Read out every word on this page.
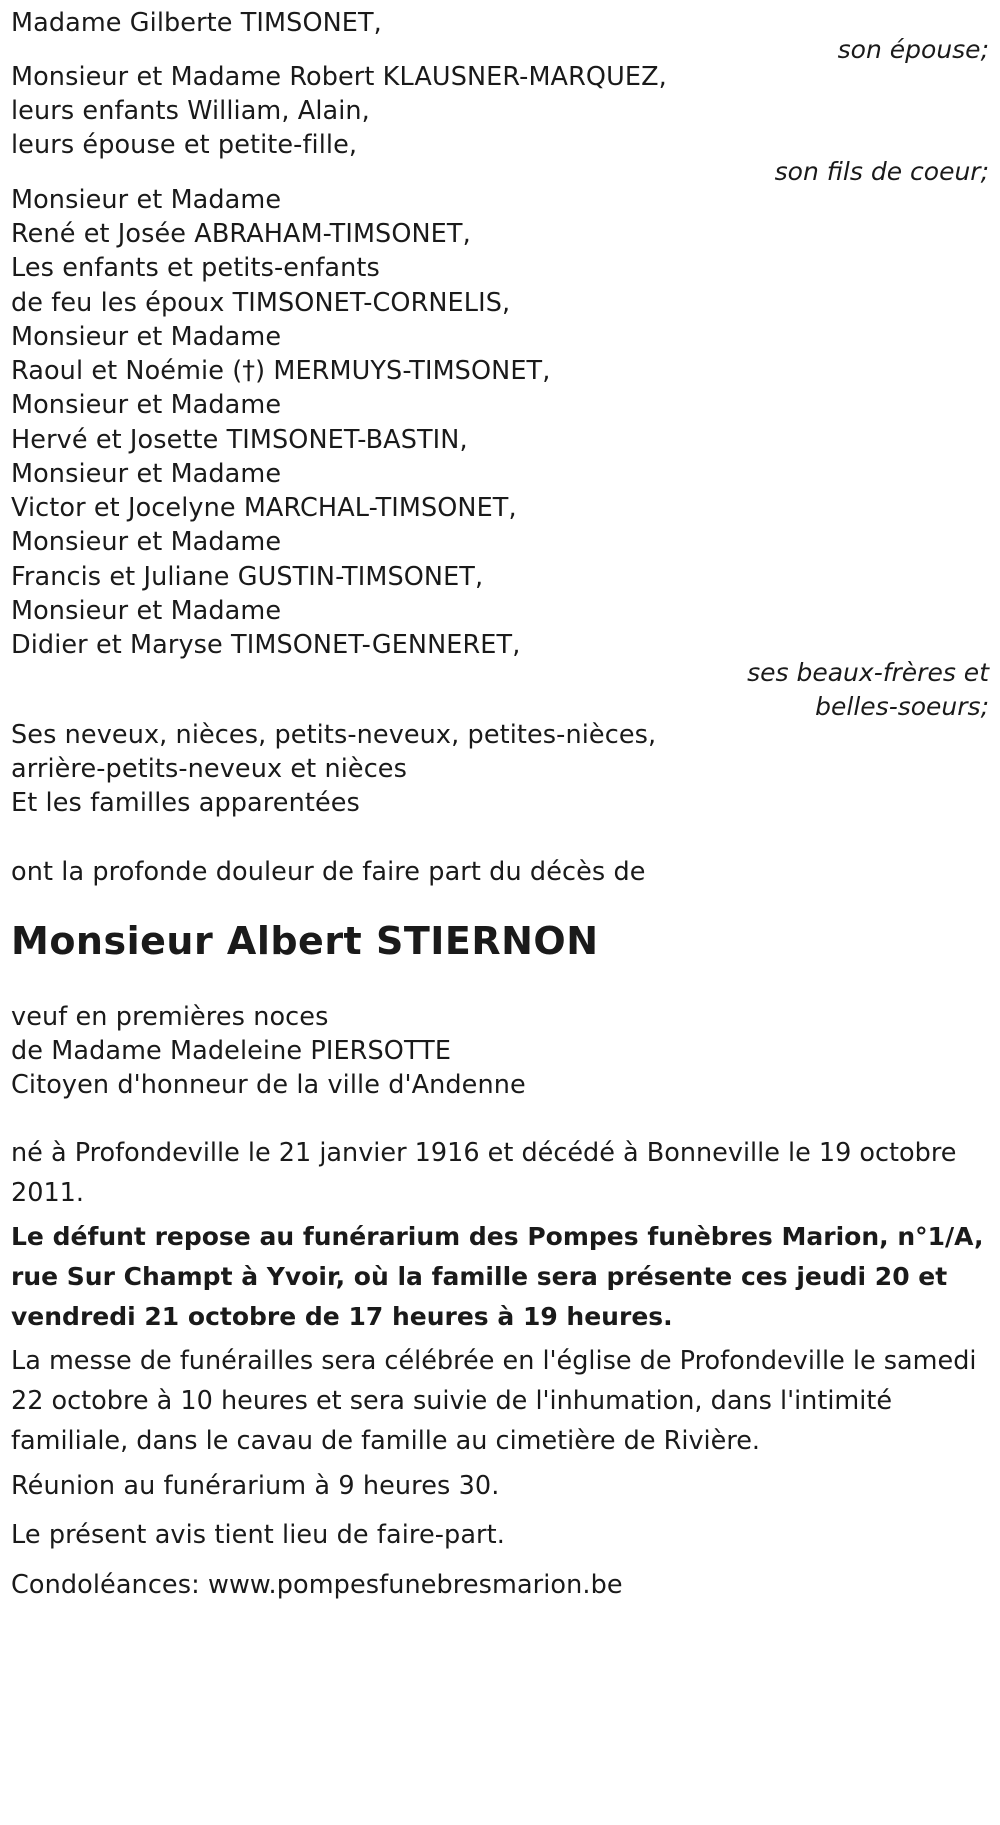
Madame Gilberte TIMSONET,
son épouse;
Monsieur et Madame Robert KLAUSNER-MARQUEZ,
leurs enfants William, Alain,
leurs épouse et petite-fille,
son fils de coeur;
Monsieur et Madame
René et Josée ABRAHAM-TIMSONET,
Les enfants et petits-enfants
de feu les époux TIMSONET-CORNELIS,
Monsieur et Madame
Raoul et Noémie (†) MERMUYS-TIMSONET,
Monsieur et Madame
Hervé et Josette TIMSONET-BASTIN,
Monsieur et Madame
Victor et Jocelyne MARCHAL-TIMSONET,
Monsieur et Madame
Francis et Juliane GUSTIN-TIMSONET,
Monsieur et Madame
Didier et Maryse TIMSONET-GENNERET,
ses beaux-frères et
belles-soeurs;
Ses neveux, nièces, petits-neveux, petites-nièces,
arrière-petits-neveux et nièces
Et les familles apparentées
ont la profonde douleur de faire part du décès de
Monsieur Albert STIERNON
veuf en premières noces
de Madame Madeleine PIERSOTTE
Citoyen d'honneur de la ville d'Andenne
né à Profondeville le 21 janvier 1916 et décédé à Bonneville le 19 octobre 2011.
Le défunt repose au funérarium des Pompes funèbres Marion, n°1/A, rue Sur Champt à Yvoir, où la famille sera présente ces jeudi 20 et vendredi 21 octobre de 17 heures à 19 heures.
La messe de funérailles sera célébrée en l'église de Profondeville le samedi 22 octobre à 10 heures et sera suivie de l'inhumation, dans l'intimité familiale, dans le cavau de famille au cimetière de Rivière.
Réunion au funérarium à 9 heures 30.
Le présent avis tient lieu de faire-part.
Condoléances: www.pompesfunebresmarion.be
